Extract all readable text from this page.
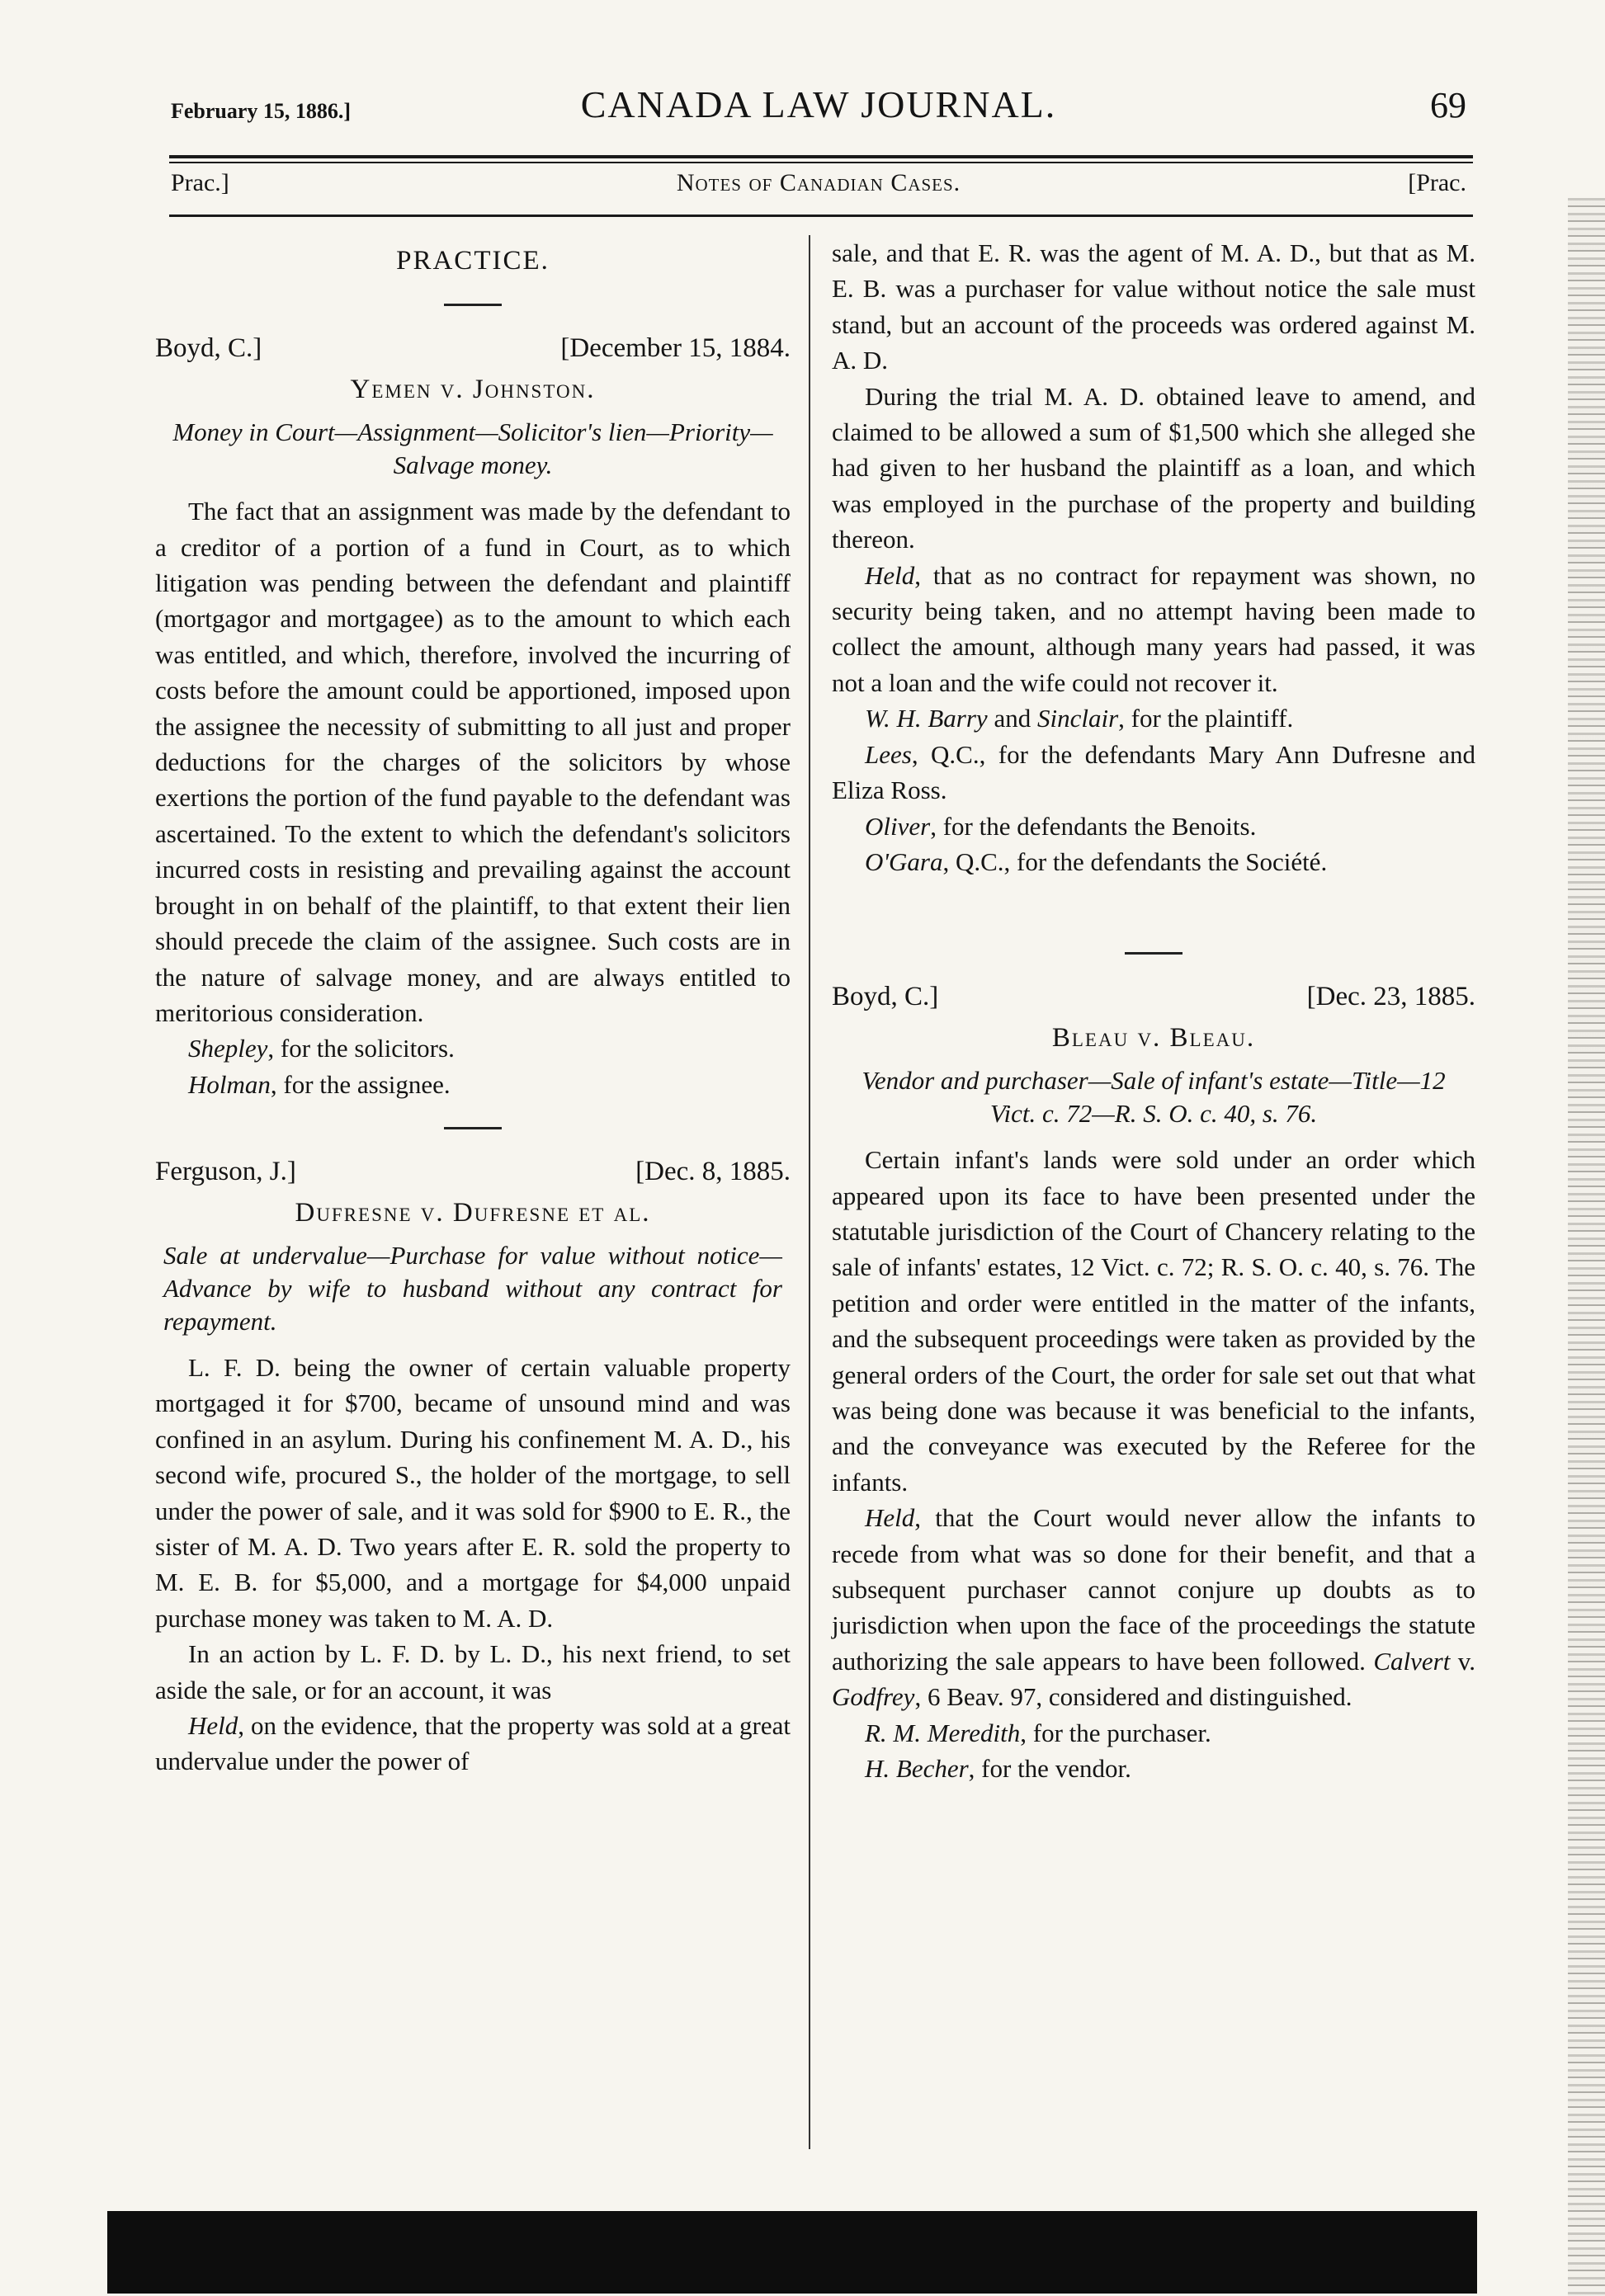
February 15, 1886.]	CANADA LAW JOURNAL.	69
Prac.]	Notes of Canadian Cases.	[Prac.
PRACTICE.
Boyd, C.]	[December 15, 1884.
Yemen v. Johnston.
Money in Court—Assignment—Solicitor's lien—Priority—Salvage money.

The fact that an assignment was made by the defendant to a creditor of a portion of a fund in Court, as to which litigation was pending between the defendant and plaintiff (mortgagor and mortgagee) as to the amount to which each was entitled, and which, therefore, involved the incurring of costs before the amount could be apportioned, imposed upon the assignee the necessity of submitting to all just and proper deductions for the charges of the solicitors by whose exertions the portion of the fund payable to the defendant was ascertained. To the extent to which the defendant's solicitors incurred costs in resisting and prevailing against the account brought in on behalf of the plaintiff, to that extent their lien should precede the claim of the assignee. Such costs are in the nature of salvage money, and are always entitled to meritorious consideration.

Shepley, for the solicitors.

Holman, for the assignee.

Ferguson, J.]	[Dec. 8, 1885.
Dufresne v. Dufresne et al.
Sale at undervalue—Purchase for value without notice—Advance by wife to husband without any contract for repayment.

L. F. D. being the owner of certain valuable property mortgaged it for $700, became of unsound mind and was confined in an asylum. During his confinement M. A. D., his second wife, procured S., the holder of the mortgage, to sell under the power of sale, and it was sold for $900 to E. R., the sister of M. A. D. Two years after E. R. sold the property to M. E. B. for $5,000, and a mortgage for $4,000 unpaid purchase money was taken to M. A. D.

In an action by L. F. D. by L. D., his next friend, to set aside the sale, or for an account, it was

Held, on the evidence, that the property was sold at a great undervalue under the power of

sale, and that E. R. was the agent of M. A. D., but that as M. E. B. was a purchaser for value without notice the sale must stand, but an account of the proceeds was ordered against M. A. D.

During the trial M. A. D. obtained leave to amend, and claimed to be allowed a sum of $1,500 which she alleged she had given to her husband the plaintiff as a loan, and which was employed in the purchase of the property and building thereon.

Held, that as no contract for repayment was shown, no security being taken, and no attempt having been made to collect the amount, although many years had passed, it was not a loan and the wife could not recover it.

W. H. Barry and Sinclair, for the plaintiff.

Lees, Q.C., for the defendants Mary Ann Dufresne and Eliza Ross.

Oliver, for the defendants the Benoits.

O'Gara, Q.C., for the defendants the Société.

Boyd, C.]	[Dec. 23, 1885.
Bleau v. Bleau.
Vendor and purchaser—Sale of infant's estate—Title—12 Vict. c. 72—R. S. O. c. 40, s. 76.

Certain infant's lands were sold under an order which appeared upon its face to have been presented under the statutable jurisdiction of the Court of Chancery relating to the sale of infants' estates, 12 Vict. c. 72; R. S. O. c. 40, s. 76. The petition and order were entitled in the matter of the infants, and the subsequent proceedings were taken as provided by the general orders of the Court, the order for sale set out that what was being done was because it was beneficial to the infants, and the conveyance was executed by the Referee for the infants.

Held, that the Court would never allow the infants to recede from what was so done for their benefit, and that a subsequent purchaser cannot conjure up doubts as to jurisdiction when upon the face of the proceedings the statute authorizing the sale appears to have been followed. Calvert v. Godfrey, 6 Beav. 97, considered and distinguished.

R. M. Meredith, for the purchaser.

H. Becher, for the vendor.
